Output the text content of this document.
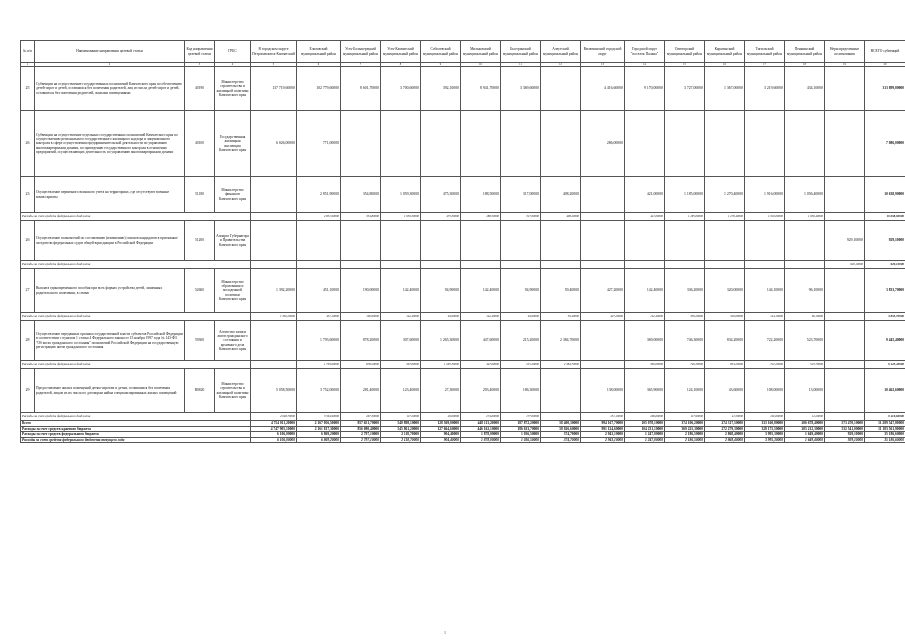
№ п/п	Наименование направления целевой статьи	Код направления целевой статьи	ГРБС	В городском округе Петропавловск-Камчатский	Елизовский муниципальный район	Усть-Большерецкий муниципальный район	Усть-Камчатский муниципальный район	Соболевский муниципальный район	Мильковский муниципальный район	Быстринский муниципальный район	Алеутский муниципальный район	Вилючинский городской округ	Городской округ "поселок Палана"	Олюторский муниципальный район	Карагинский муниципальный район	Тигильский муниципальный район	Пенжинский муниципальный район	Нераспределенные ассигнования	ВСЕГО субвенций
1	2	3	4	5	6	7	8	9	10	11	12	13	14	15	16	17	18	19	20
25	Субвенции на осуществление государственных полномочий Камчатского края по обеспечению детей-сирот и детей, оставшихся без попечения родителей, лиц из числа детей-сирот и детей, оставшихся без попечения родителей, жилыми помещениями	40190	Министерство строительства и жилищной политики Камчатского края	137 719,60000	102 779,60000	8 601,70000	3 700,60000	392,10000	8 941,70000	3 369,60000		4 416,60000	9 170,00000	3 727,00000	1 367,00000	3 219,60000	434,10000		313 899,80000
26	Субвенции на осуществление отдельных государственных полномочий Камчатского края по осуществлению регионального государственного жилищного надзора и лицензионного контроля в сфере осуществления предпринимательской деятельности по управлению многоквартирными домами, по проведению государственного контроля в отношении предприятий, осуществляющих деятельность по управлению многоквартирными домами	40100	Государственная жилищная инспекция Камчатского края	6 026,00000	771,00000							286,00000							7 086,00000
23	Осуществление первичного воинского учета на территориях, где отсутствуют военные комиссариаты	51180	Министерство финансов Камчатского края		2 851,90000	354,80000	1 059,30000	475,30000	188,50000	317,00000	408,20000		421,00000	1 185,00000	1 270,40000	1 916,00000	1 056,40000		10 638,90000
Расходы за счет средств федерального бюджета					2 851,90000	354,80000	1 059,30000	475,30000	188,50000	317,00000	408,20000		421,00000	1 185,00000	1 270,40000	1 916,00000	1 056,40000		10 638,90000
26	Осуществление полномочий по составлению (изменению) списков кандидатов в присяжные заседатели федеральных судов общей юрисдикции в Российской Федерации	51200	Аппарат Губернатора и Правительства Камчатского края															929,10000	929,10000
Расходы за счет средств федерального бюджета																		929,10000	929,10000
27	Выплата единовременного пособия при всех формах устройства детей, лишенных родительского попечения, в семью	52600	Министерство образования и молодежной политики Камчатского края	1 392,20000	451,10000	190,00000	142,40000	94,90000	142,40000	94,90000	59,40000	427,20000	142,40000	336,20000	320,00000	144,10000	96,10000		3 833,70000
Расходы за счет средств федерального бюджета				1 392,20000	451,10000	190,00000	142,40000	94,90000	142,40000	94,90000	59,40000	427,20000	142,40000	336,20000	320,00000	144,10000	96,10000		3 833,70000
28	Осуществление переданных органам государственной власти субъектов Российской Федерации в соответствии с пунктом 1 статьи 4 Федерального закона от 15 ноября 1997 года № 143-ФЗ "Об актах гражданского состояния" полномочий Российской Федерации на государственную регистрацию актов гражданского состояния	59300	Агентство записи актов гражданского состояния и архивного дела Камчатского края		1 793,60000	878,20000	307,60000	1 265,30000	447,60000	215,20000	2 384,70000		369,00000	746,30000	834,20000	722,20000	523,70000		9 445,40000
Расходы за счет средств федерального бюджета					1 793,60000	878,20000	307,60000	1 265,30000	447,60000	215,20000	2 384,70000		369,00000	746,30000	834,20000	722,20000	523,70000		9 445,40000
29	Предоставление жилых помещений детям-сиротам и детям, оставшимся без попечения родителей, лицам из их числа по договорам найма специализированных жилых помещений	R0820	Министерство строительства и жилищной политики Камчатского края	5 058,50000	3 752,00000	281,40000	123,40000	27,30000	293,40000	186,30000		138,00000	365,90000	124,10000	43,60000	108,00000	13,00000		10 462,60000
Расходы за счет средств федерального бюджета				4 048,70000	3 564,90000	267,30000	117,20000	26,00000	274,60000	177,00000		131,10000	296,60000	117,90000	41,50000	102,60000	12,20000		9 416,60000
Всего				4 754 011,20000	2 167 056,50000	857 651,70000	548 898,10000	128 569,00000	448 113,20000	187 872,20000	58 400,30000	994 167,70000	105 078,10000	374 106,20000	274 317,50000	333 160,80000	206 678,40000	573 470,10000	11 289 547,80000
Расходы за счет средств краевого бюджета				4 747 905,10000	2 161 817,30000	856 080,40000	545 861,20000	127 664,60000	446 162,10000	186 633,70000	58 026,60000	991 124,60000	104 231,10000	369 225,30000	272 279,30000	328 175,50000	205 212,30000	532 541,00000	11 183 561,90000
Расходы за счет средств федерального бюджета				6 106,00000	6 869,20000	2 797,10000	2 118,70000	904,40000	1 878,00000	1 036,50000	374,70000	2 943,10000	1 247,00000	2 186,50000	2 868,40000	3 995,30000	1 649,40000	929,10000	35 186,60000
Расходы за счет средств федерального бюджета текущего года				6 106,00000	6 869,20000	2 797,10000	2 118,70000	904,40000	1 878,00000	1 036,50000	374,70000	2 943,10000	1 247,00000	2 186,50000	2 868,40000	3 995,30000	1 649,40000	929,10000	35 186,60000
1
